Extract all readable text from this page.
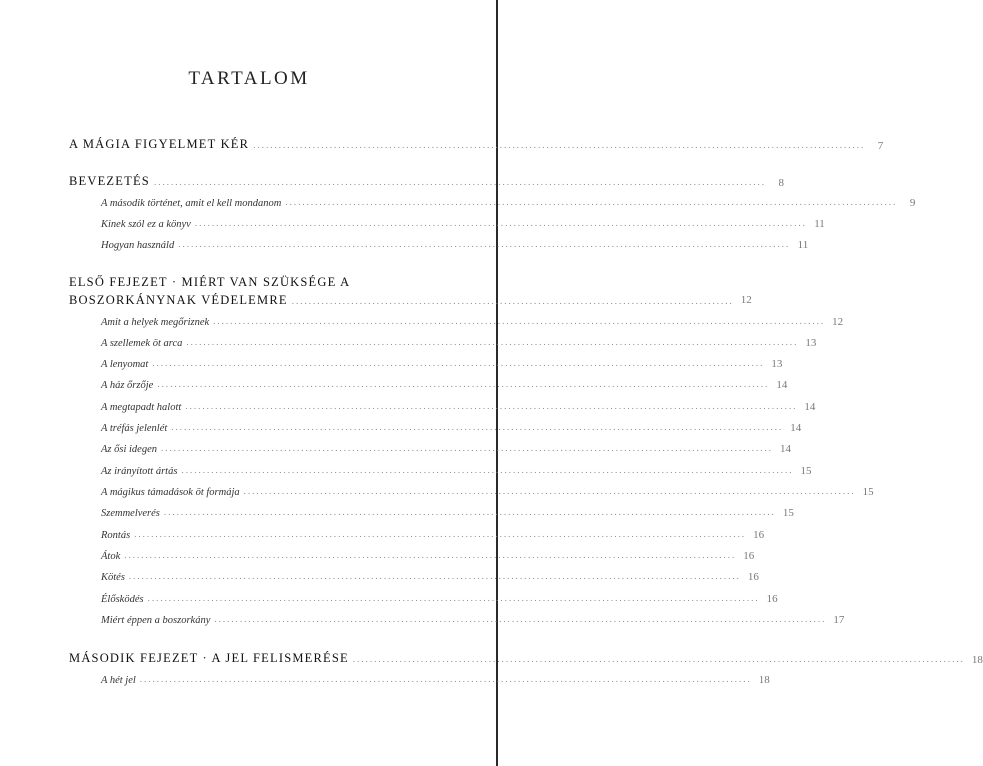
TARTALOM
A MÁGIA FIGYELMET KÉR .....	7
BEVEZETÉS .....	8
A második történet, amit el kell mondanom .....	9
Kinek szól ez a könyv .....	11
Hogyan használd .....	11
ELSŐ FEJEZET · MIÉRT VAN SZÜKSÉGE A
BOSZORKÁNYNAK VÉDELEMRE ........................................................................................................ 12
Amit a helyek megőriznek .....	12
A szellemek öt arca .....	13
A lenyomat .....	13
A ház őrzője .....	14
A megtapadt halott .....	14
A tréfás jelenlét .....	14
Az ősi idegen .....	14
Az irányított ártás .....	15
A mágikus támadások öt formája .....	15
Szemmelverés .....	15
Rontás .....	16
Átok .....	16
Kötés .....	16
Élősködés .....	16
Miért éppen a boszorkány .....	17
MÁSODIK FEJEZET · A JEL FELISMERÉSE .....	18
A hét jel .....	18
